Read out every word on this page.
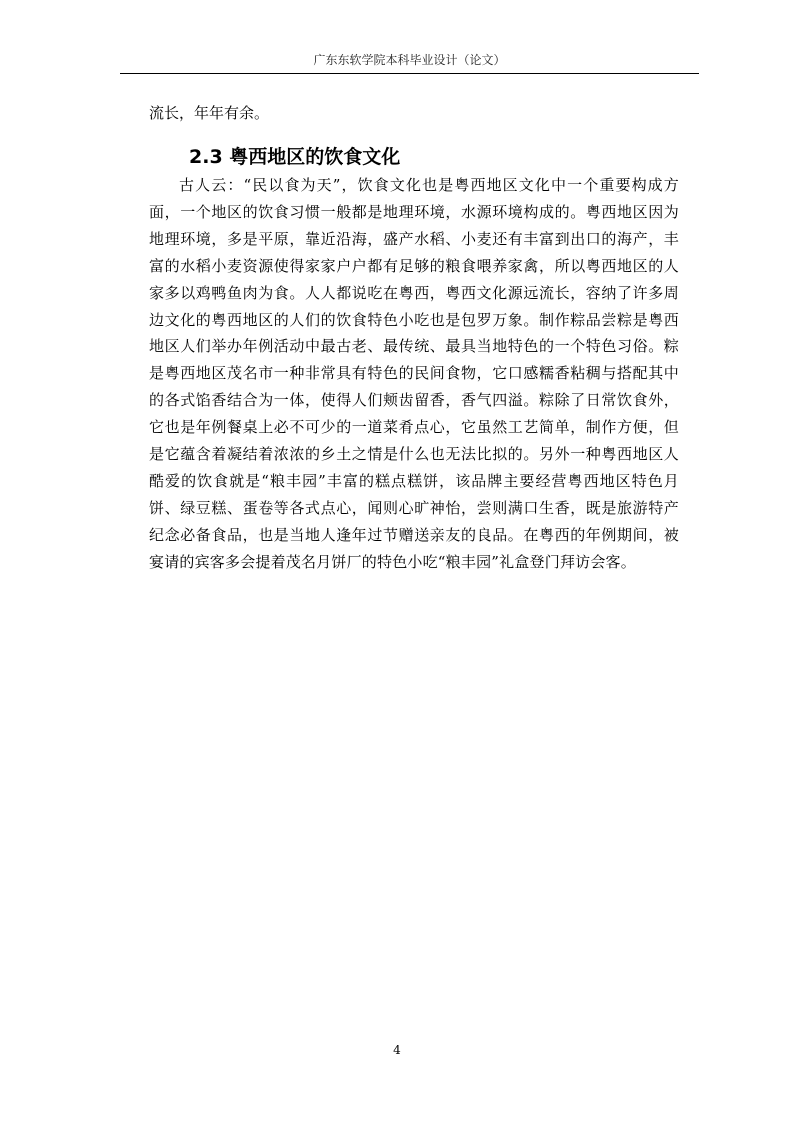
广东东软学院本科毕业设计（论文）

流长，年年有余。

2.3 粤西地区的饮食文化

古人云：“民以食为天”，饮食文化也是粤西地区文化中一个重要构成方面，一个地区的饮食习惯一般都是地理环境，水源环境构成的。粤西地区因为地理环境，多是平原，靠近沿海，盛产水稻、小麦还有丰富到出口的海产，丰富的水稻小麦资源使得家家户户都有足够的粮食喂养家禽，所以粤西地区的人家多以鸡鸭鱼肉为食。人人都说吃在粤西，粤西文化源远流长，容纳了许多周边文化的粤西地区的人们的饮食特色小吃也是包罗万象。制作粽品尝粽是粤西地区人们举办年例活动中最古老、最传统、最具当地特色的一个特色习俗。粽是粤西地区茂名市一种非常具有特色的民间食物，它口感糯香粘稠与搭配其中的各式馅香结合为一体，使得人们颊齿留香，香气四溢。粽除了日常饮食外，它也是年例餐桌上必不可少的一道菜肴点心，它虽然工艺简单，制作方便，但是它蕴含着凝结着浓浓的乡土之情是什么也无法比拟的。另外一种粤西地区人酷爱的饮食就是“粮丰园”丰富的糕点糕饼，该品牌主要经营粤西地区特色月饼、绿豆糕、蛋卷等各式点心，闻则心旷神怡，尝则满口生香，既是旅游特产纪念必备食品，也是当地人逢年过节赠送亲友的良品。在粤西的年例期间，被宴请的宾客多会提着茂名月饼厂的特色小吃“粮丰园”礼盒登门拜访会客。

4
